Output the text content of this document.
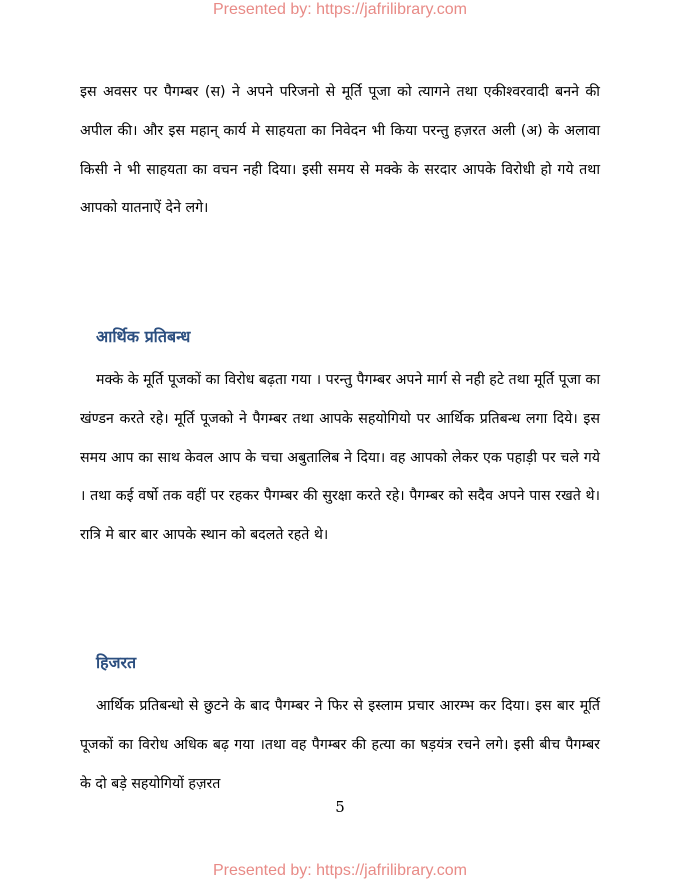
Presented by: https://jafrilibrary.com

इस अवसर पर पैगम्बर (स) ने अपने परिजनो से मूर्ति पूजा को त्यागने तथा एकीश्वरवादी बनने की अपील की। और इस महान् कार्य मे साहयता का निवेदन भी किया परन्तु हज़रत अली (अ) के अलावा किसी ने भी साहयता का वचन नही दिया। इसी समय से मक्के के सरदार आपके विरोधी हो गये तथा आपको यातनाऐं देने लगे।

आर्थिक प्रतिबन्ध

मक्के के मूर्ति पूजकों का विरोध बढ़ता गया । परन्तु पैगम्बर अपने मार्ग से नही हटे तथा मूर्ति पूजा का खंण्डन करते रहे। मूर्ति पूजको ने पैगम्बर तथा आपके सहयोगियो पर आर्थिक प्रतिबन्ध लगा दिये। इस समय आप का साथ केवल आप के चचा अबुतालिब ने दिया। वह आपको लेकर एक पहाड़ी पर चले गये । तथा कई वर्षो तक वहीं पर रहकर पैगम्बर की सुरक्षा करते रहे। पैगम्बर को सदैव अपने पास रखते थे। रात्रि मे बार बार आपके स्थान को बदलते रहते थे।

हिजरत

आर्थिक प्रतिबन्धो से छुटने के बाद पैगम्बर ने फिर से इस्लाम प्रचार आरम्भ कर दिया। इस बार मूर्ति पूजकों का विरोध अधिक बढ़ गया ।तथा वह पैगम्बर की हत्या का षड़यंत्र रचने लगे। इसी बीच पैगम्बर के दो बड़े सहयोगियों हज़रत

5
Presented by: https://jafrilibrary.com
